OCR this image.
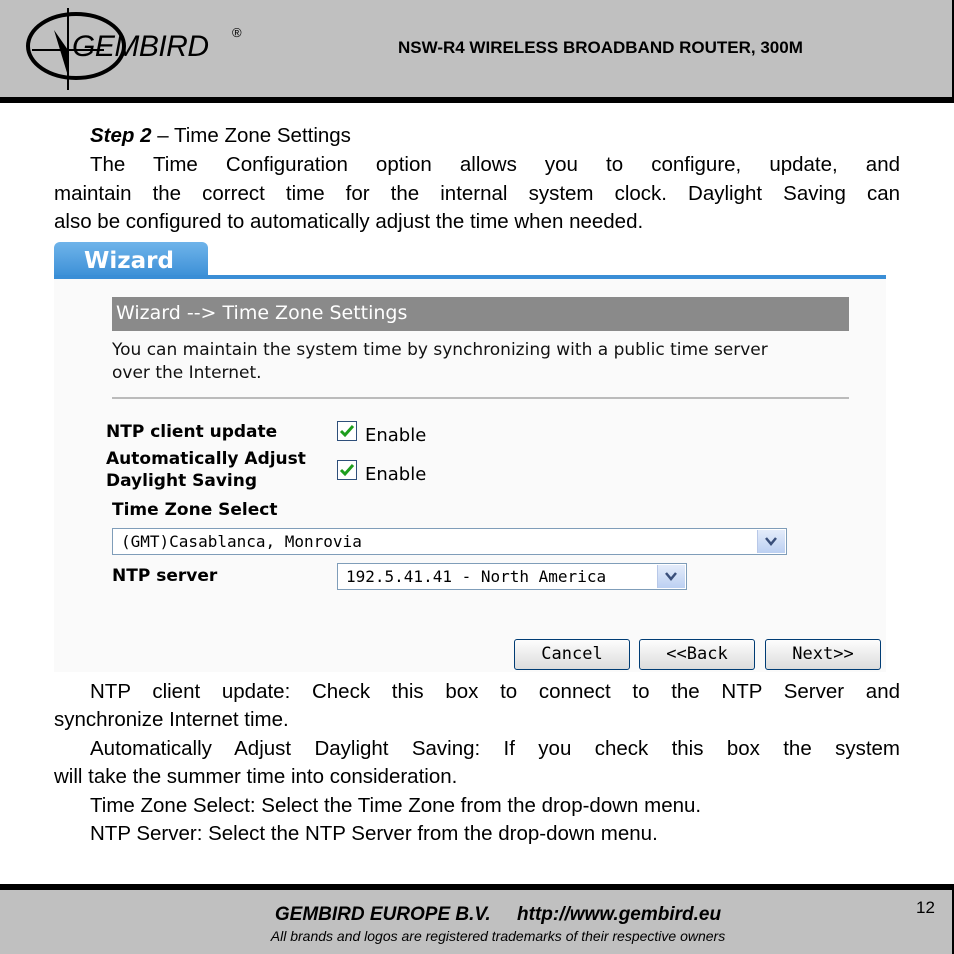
GEMBIRD ®
NSW-R4 WIRELESS BROADBAND ROUTER, 300M
Step 2 – Time Zone Settings
The Time Configuration option allows you to configure, update, and
maintain the correct time for the internal system clock. Daylight Saving can
also be configured to automatically adjust the time when needed.
Wizard
Wizard --> Time Zone Settings
You can maintain the system time by synchronizing with a public time server
over the Internet.
NTP client update	Enable
Automatically Adjust
Daylight Saving	Enable
Time Zone Select
(GMT)Casablanca, Monrovia
NTP server	192.5.41.41 - North America
Cancel	<<Back	Next>>
NTP client update: Check this box to connect to the NTP Server and
synchronize Internet time.
Automatically Adjust Daylight Saving: If you check this box the system
will take the summer time into consideration.
Time Zone Select: Select the Time Zone from the drop-down menu.
NTP Server: Select the NTP Server from the drop-down menu.
GEMBIRD EUROPE B.V.     http://www.gembird.eu
All brands and logos are registered trademarks of their respective owners
12
